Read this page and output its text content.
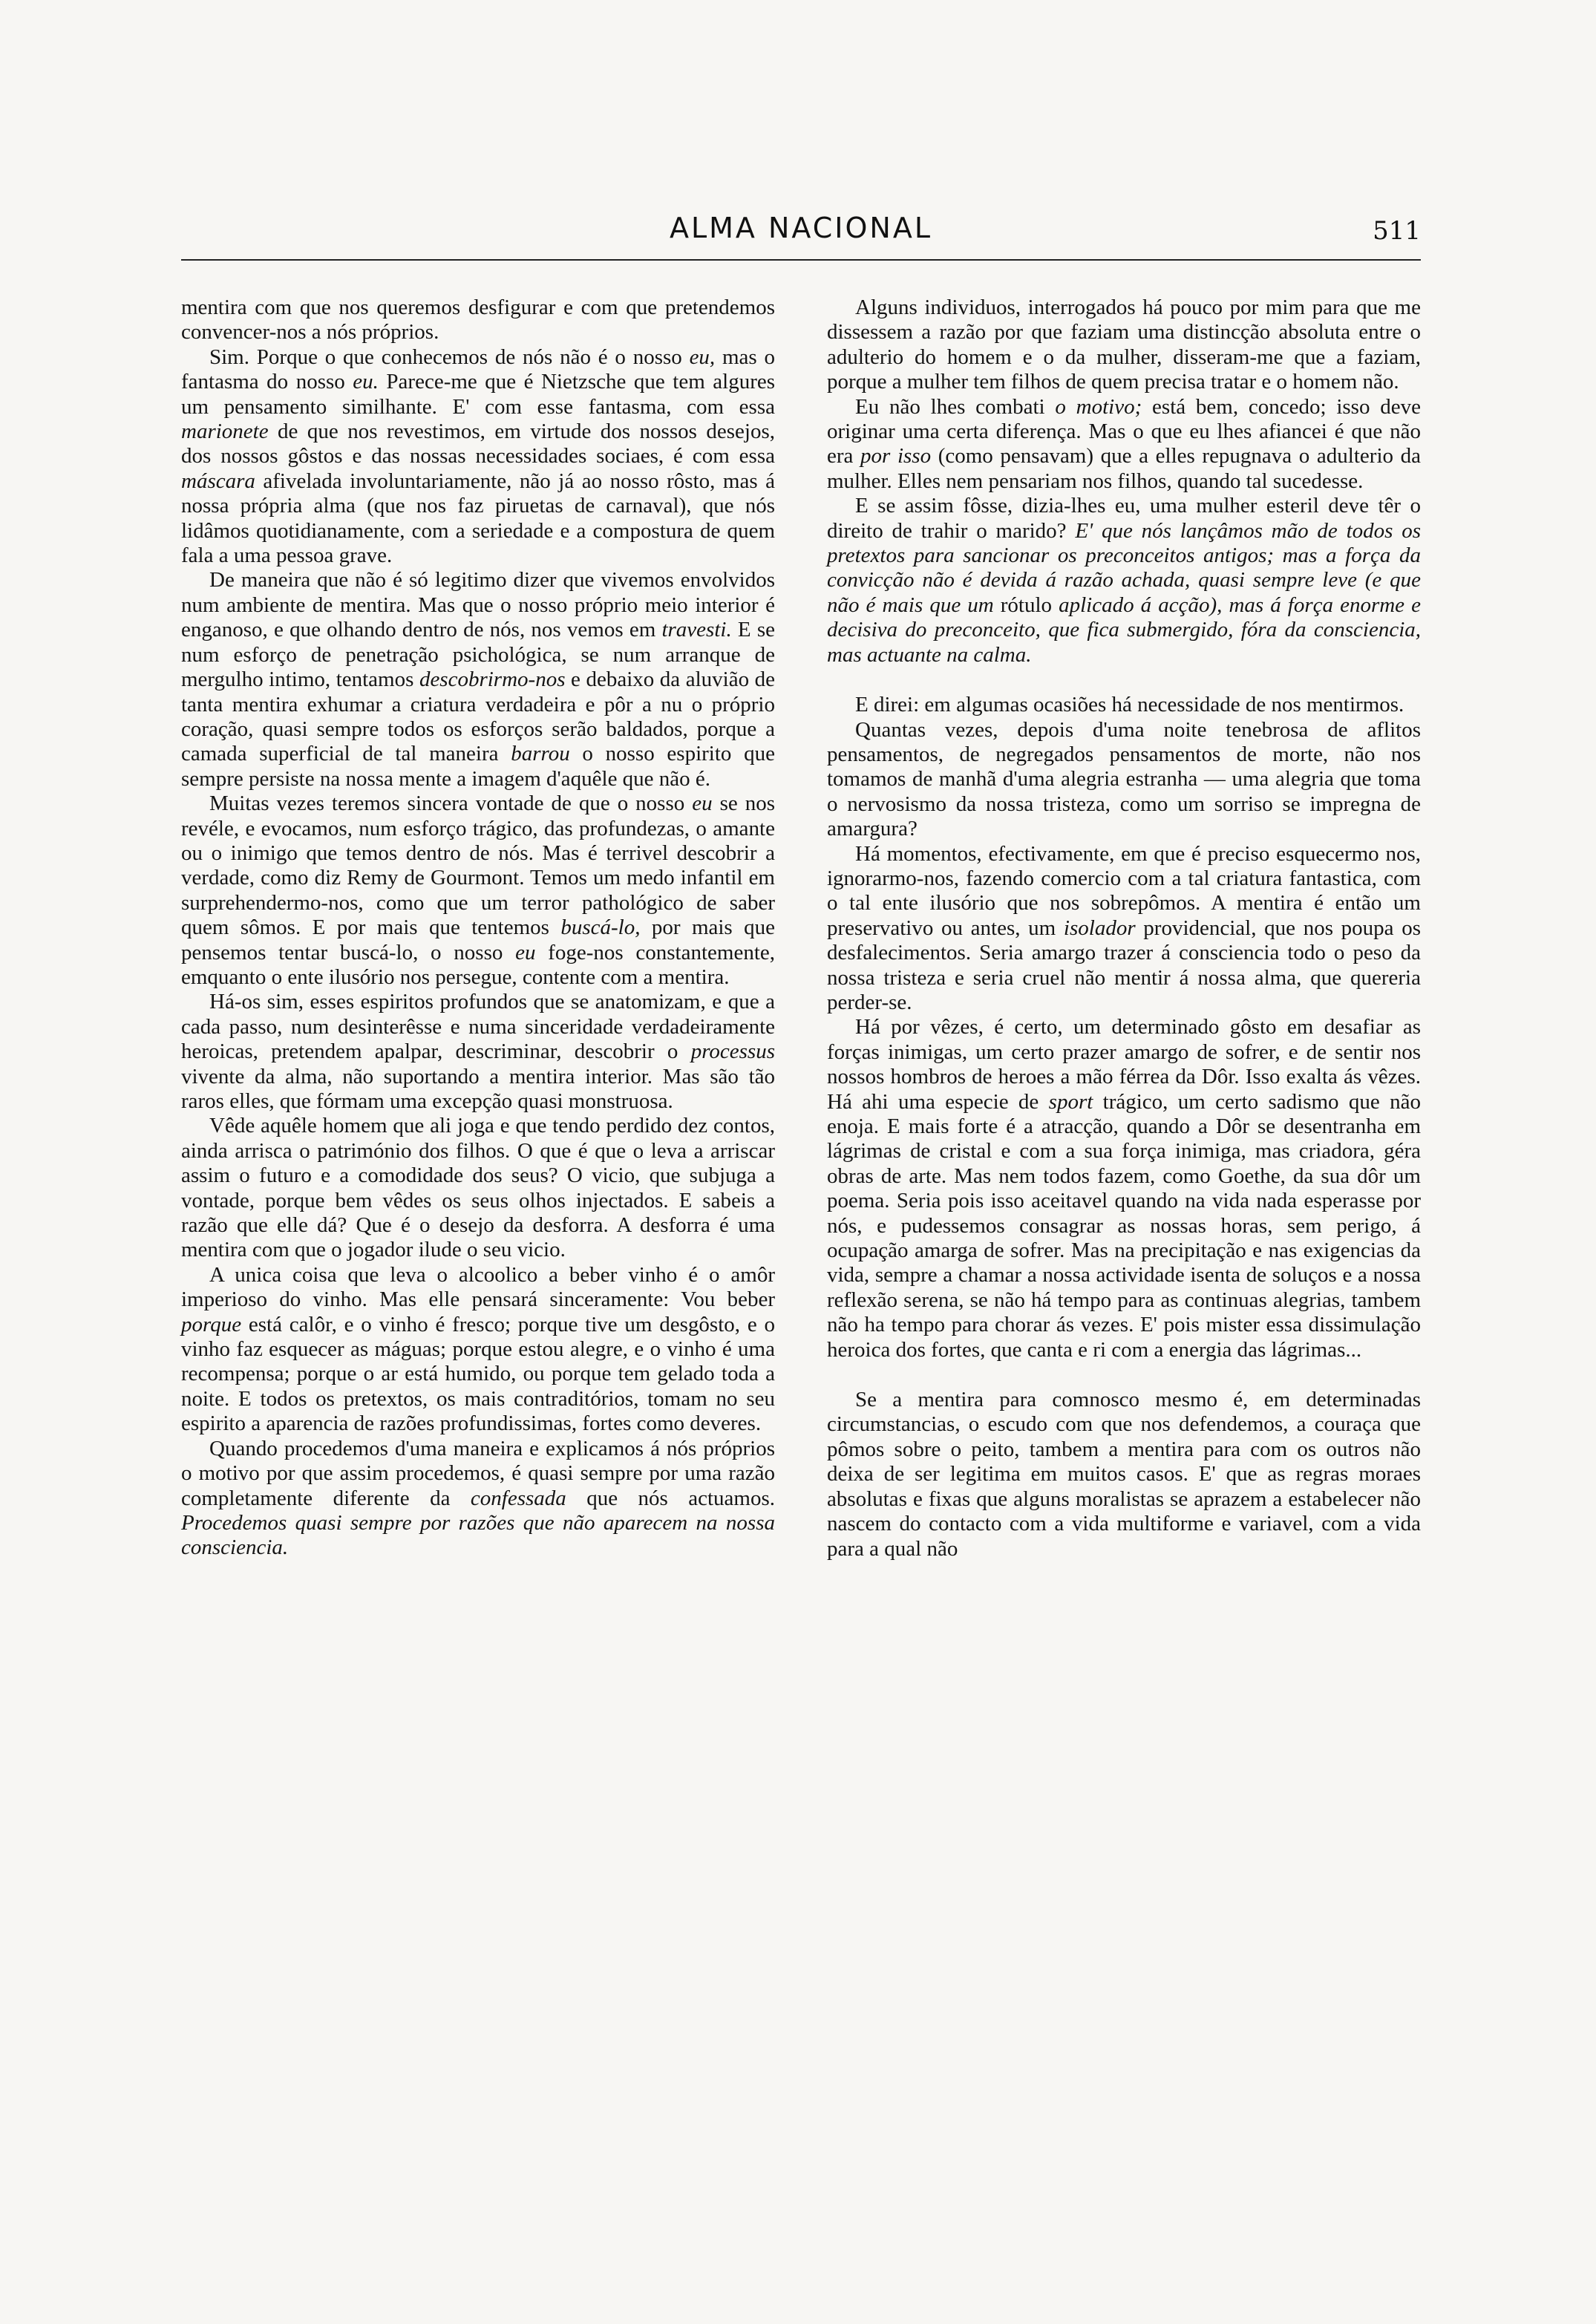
ALMA NACIONAL	511

mentira com que nos queremos desfigurar e com que pretendemos convencer-nos a nós próprios.

Sim. Porque o que conhecemos de nós não é o nosso eu, mas o fantasma do nosso eu. Parece-me que é Nietzsche que tem algures um pensamento similhante. E' com esse fantasma, com essa marionete de que nos revestimos, em virtude dos nossos desejos, dos nossos gôstos e das nossas necessidades sociaes, é com essa máscara afivelada involuntariamente, não já ao nosso rôsto, mas á nossa própria alma (que nos faz piruetas de carnaval), que nós lidâmos quotidianamente, com a seriedade e a compostura de quem fala a uma pessoa grave.

De maneira que não é só legitimo dizer que vivemos envolvidos num ambiente de mentira. Mas que o nosso próprio meio interior é enganoso, e que olhando dentro de nós, nos vemos em travesti. E se num esforço de penetração psichológica, se num arranque de mergulho intimo, tentamos descobrirmo-nos e debaixo da aluvião de tanta mentira exhumar a criatura verdadeira e pôr a nu o próprio coração, quasi sempre todos os esforços serão baldados, porque a camada superficial de tal maneira barrou o nosso espirito que sempre persiste na nossa mente a imagem d'aquêle que não é.

Muitas vezes teremos sincera vontade de que o nosso eu se nos revéle, e evocamos, num esforço trágico, das profundezas, o amante ou o inimigo que temos dentro de nós. Mas é terrivel descobrir a verdade, como diz Remy de Gourmont. Temos um medo infantil em surprehendermo-nos, como que um terror pathológico de saber quem sômos. E por mais que tentemos buscá-lo, por mais que pensemos tentar buscá-lo, o nosso eu foge-nos constantemente, emquanto o ente ilusório nos persegue, contente com a mentira.

Há-os sim, esses espiritos profundos que se anatomizam, e que a cada passo, num desinterêsse e numa sinceridade verdadeiramente heroicas, pretendem apalpar, descriminar, descobrir o processus vivente da alma, não suportando a mentira interior. Mas são tão raros elles, que fórmam uma excepção quasi monstruosa.

Vêde aquêle homem que ali joga e que tendo perdido dez contos, ainda arrisca o património dos filhos. O que é que o leva a arriscar assim o futuro e a comodidade dos seus? O vicio, que subjuga a vontade, porque bem vêdes os seus olhos injectados. E sabeis a razão que elle dá? Que é o desejo da desforra. A desforra é uma mentira com que o jogador ilude o seu vicio.

A unica coisa que leva o alcoolico a beber vinho é o amôr imperioso do vinho. Mas elle pensará sinceramente: Vou beber porque está calôr, e o vinho é fresco; porque tive um desgôsto, e o vinho faz esquecer as máguas; porque estou alegre, e o vinho é uma recompensa; porque o ar está humido, ou porque tem gelado toda a noite. E todos os pretextos, os mais contraditórios, tomam no seu espirito a aparencia de razões profundissimas, fortes como deveres.

Quando procedemos d'uma maneira e explicamos á nós próprios o motivo por que assim procedemos, é quasi sempre por uma razão completamente diferente da confessada que nós actuamos. Procedemos quasi sempre por razões que não aparecem na nossa consciencia.

Alguns individuos, interrogados há pouco por mim para que me dissessem a razão por que faziam uma distincção absoluta entre o adulterio do homem e o da mulher, disseram-me que a faziam, porque a mulher tem filhos de quem precisa tratar e o homem não.

Eu não lhes combati o motivo; está bem, concedo; isso deve originar uma certa diferença. Mas o que eu lhes afiancei é que não era por isso (como pensavam) que a elles repugnava o adulterio da mulher. Elles nem pensariam nos filhos, quando tal sucedesse.

E se assim fôsse, dizia-lhes eu, uma mulher esteril deve têr o direito de trahir o marido? E' que nós lançâmos mão de todos os pretextos para sancionar os preconceitos antigos; mas a força da convicção não é devida á razão achada, quasi sempre leve (e que não é mais que um rótulo aplicado á acção), mas á força enorme e decisiva do preconceito, que fica submergido, fóra da consciencia, mas actuante na calma.

E direi: em algumas ocasiões há necessidade de nos mentirmos.

Quantas vezes, depois d'uma noite tenebrosa de aflitos pensamentos, de negregados pensamentos de morte, não nos tomamos de manhã d'uma alegria estranha — uma alegria que toma o nervosismo da nossa tristeza, como um sorriso se impregna de amargura?

Há momentos, efectivamente, em que é preciso esquecermo nos, ignorarmo-nos, fazendo comercio com a tal criatura fantastica, com o tal ente ilusório que nos sobrepômos. A mentira é então um preservativo ou antes, um isolador providencial, que nos poupa os desfalecimentos. Seria amargo trazer á consciencia todo o peso da nossa tristeza e seria cruel não mentir á nossa alma, que quereria perder-se.

Há por vêzes, é certo, um determinado gôsto em desafiar as forças inimigas, um certo prazer amargo de sofrer, e de sentir nos nossos hombros de heroes a mão férrea da Dôr. Isso exalta ás vêzes. Há ahi uma especie de sport trágico, um certo sadismo que não enoja. E mais forte é a atracção, quando a Dôr se desentranha em lágrimas de cristal e com a sua força inimiga, mas criadora, géra obras de arte. Mas nem todos fazem, como Goethe, da sua dôr um poema. Seria pois isso aceitavel quando na vida nada esperasse por nós, e pudessemos consagrar as nossas horas, sem perigo, á ocupação amarga de sofrer. Mas na precipitação e nas exigencias da vida, sempre a chamar a nossa actividade isenta de soluços e a nossa reflexão serena, se não há tempo para as continuas alegrias, tambem não ha tempo para chorar ás vezes. E' pois mister essa dissimulação heroica dos fortes, que canta e ri com a energia das lágrimas...

Se a mentira para comnosco mesmo é, em determinadas circumstancias, o escudo com que nos defendemos, a couraça que pômos sobre o peito, tambem a mentira para com os outros não deixa de ser legitima em muitos casos. E' que as regras moraes absolutas e fixas que alguns moralistas se aprazem a estabelecer não nascem do contacto com a vida multiforme e variavel, com a vida para a qual não
